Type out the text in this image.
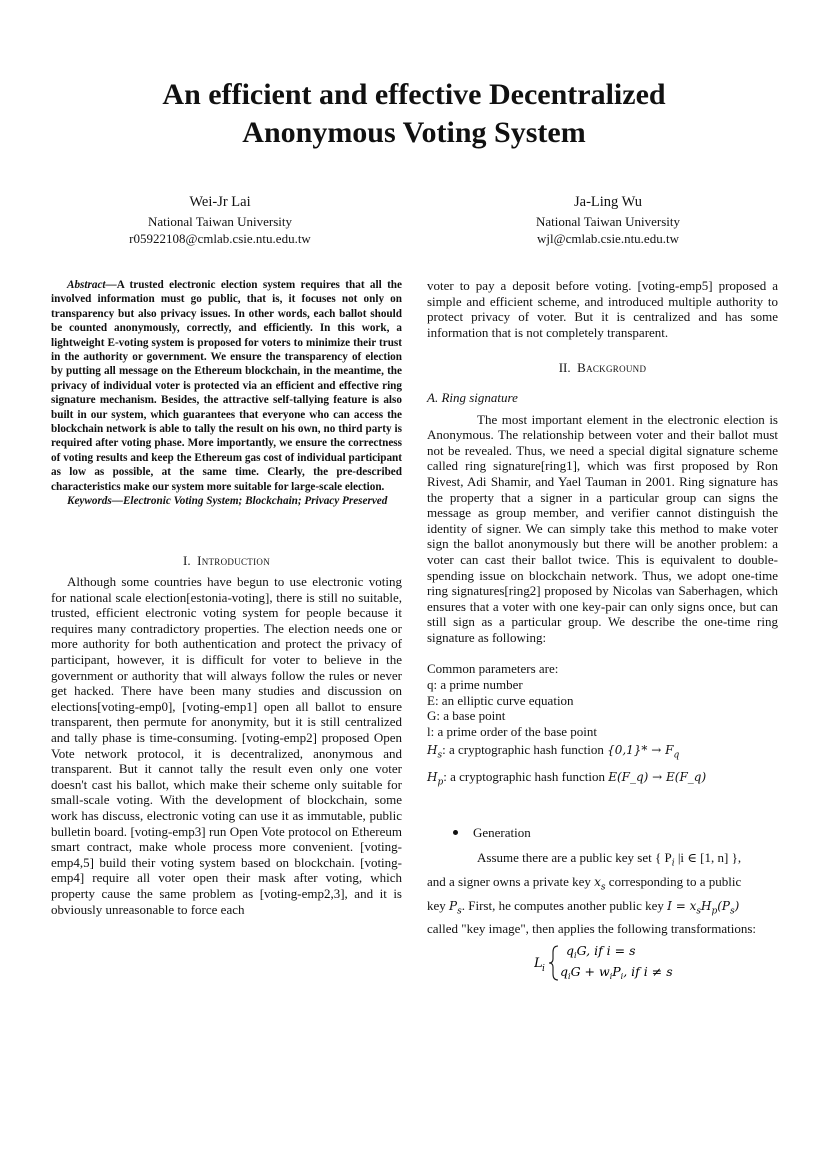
An efficient and effective Decentralized
Anonymous Voting System
Wei-Jr Lai
National Taiwan University
r05922108@cmlab.csie.ntu.edu.tw
Ja-Ling Wu
National Taiwan University
wjl@cmlab.csie.ntu.edu.tw

Abstract—A trusted electronic election system requires that all the involved information must go public, that is, it focuses not only on transparency but also privacy issues. In other words, each ballot should be counted anonymously, correctly, and efficiently. In this work, a lightweight E-voting system is proposed for voters to minimize their trust in the authority or government. We ensure the transparency of election by putting all message on the Ethereum blockchain, in the meantime, the privacy of individual voter is protected via an efficient and effective ring signature mechanism. Besides, the attractive self-tallying feature is also built in our system, which guarantees that everyone who can access the blockchain network is able to tally the result on his own, no third party is required after voting phase. More importantly, we ensure the correctness of voting results and keep the Ethereum gas cost of individual participant as low as possible, at the same time. Clearly, the pre-described characteristics make our system more suitable for large-scale election.

Keywords—Electronic Voting System; Blockchain; Privacy Preserved

I. Introduction

Although some countries have begun to use electronic voting for national scale election[estonia-voting], there is still no suitable, trusted, efficient electronic voting system for people because it requires many contradictory properties. The election needs one or more authority for both authentication and protect the privacy of participant, however, it is difficult for voter to believe in the government or authority that will always follow the rules or never get hacked. There have been many studies and discussion on elections[voting-emp0], [voting-emp1] open all ballot to ensure transparent, then permute for anonymity, but it is still centralized and tally phase is time-consuming. [voting-emp2] proposed Open Vote network protocol, it is decentralized, anonymous and transparent. But it cannot tally the result even only one voter doesn't cast his ballot, which make their scheme only suitable for small-scale voting. With the development of blockchain, some work has discuss, electronic voting can use it as immutable, public bulletin board. [voting-emp3] run Open Vote protocol on Ethereum smart contract, make whole process more convenient. [voting-emp4,5] build their voting system based on blockchain. [voting-emp4] require all voter open their mask after voting, which property cause the same problem as [voting-emp2,3], and it is obviously unreasonable to force each

voter to pay a deposit before voting. [voting-emp5] proposed a simple and efficient scheme, and introduced multiple authority to protect privacy of voter. But it is centralized and has some information that is not completely transparent.

II. Background

A. Ring signature

The most important element in the electronic election is Anonymous. The relationship between voter and their ballot must not be revealed. Thus, we need a special digital signature scheme called ring signature[ring1], which was first proposed by Ron Rivest, Adi Shamir, and Yael Tauman in 2001. Ring signature has the property that a signer in a particular group can signs the message as group member, and verifier cannot distinguish the identity of signer. We can simply take this method to make voter sign the ballot anonymously but there will be another problem: a voter can cast their ballot twice. This is equivalent to double-spending issue on blockchain network. Thus, we adopt one-time ring signatures[ring2] proposed by Nicolas van Saberhagen, which ensures that a voter with one key-pair can only signs once, but can still sign as a particular group. We describe the one-time ring signature as following:

Common parameters are:

q: a prime number

E: an elliptic curve equation

G: a base point

l: a prime order of the base point

$H_s$: a cryptographic hash function $\{0,1\}* \to F_q$

$H_p$: a cryptographic hash function E(F_q) → E(F_q)

Generation

Assume there are a public key set { $P_i$ |i ∈ [1, n] },

and a signer owns a private key $x_s$ corresponding to a public

key $P_s$. First, he computes another public key $I = x_sH_p(P_s)$

called "key image", then applies the following transformations:

L i
$q_iG$, if i = s
$q_iG + w_iP_i$, if i ≠ s
